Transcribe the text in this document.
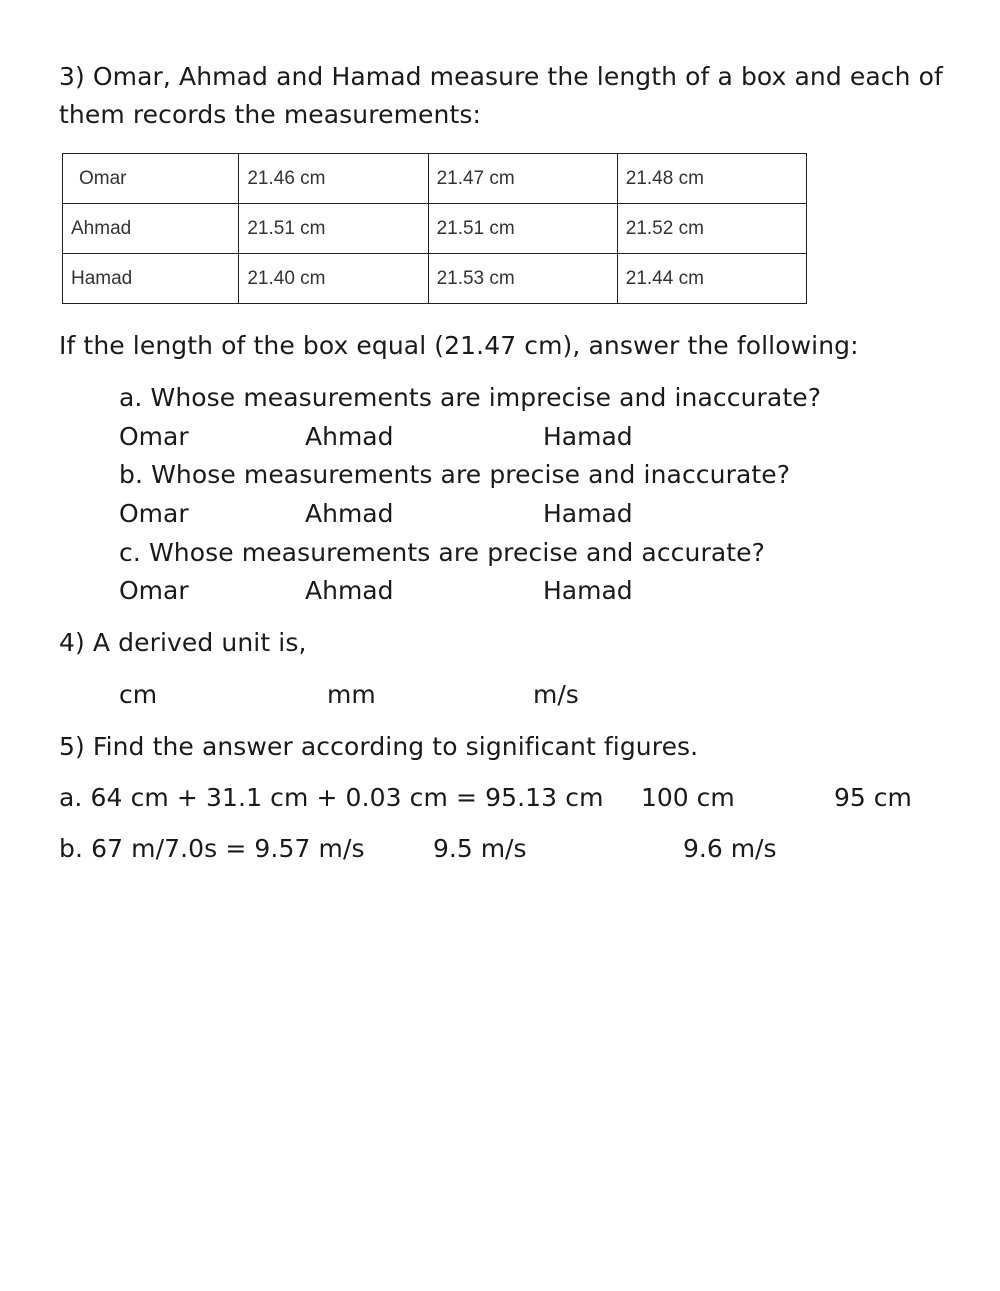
3) Omar, Ahmad and Hamad measure the length of a box and each of
them records the measurements:
Omar	21.46 cm	21.47 cm	21.48 cm
Ahmad	21.51 cm	21.51 cm	21.52 cm
Hamad	21.40 cm	21.53 cm	21.44 cm
If the length of the box equal (21.47 cm), answer the following:
a. Whose measurements are imprecise and inaccurate?
Omar	Ahmad	Hamad
b. Whose measurements are precise and inaccurate?
Omar	Ahmad	Hamad
c. Whose measurements are precise and accurate?
Omar	Ahmad	Hamad
4) A derived unit is,
cm	mm	m/s
5) Find the answer according to significant figures.
a. 64 cm + 31.1 cm + 0.03 cm = 95.13 cm 100 cm	95 cm
b. 67 m/7.0s = 9.57 m/s	9.5 m/s	9.6 m/s
